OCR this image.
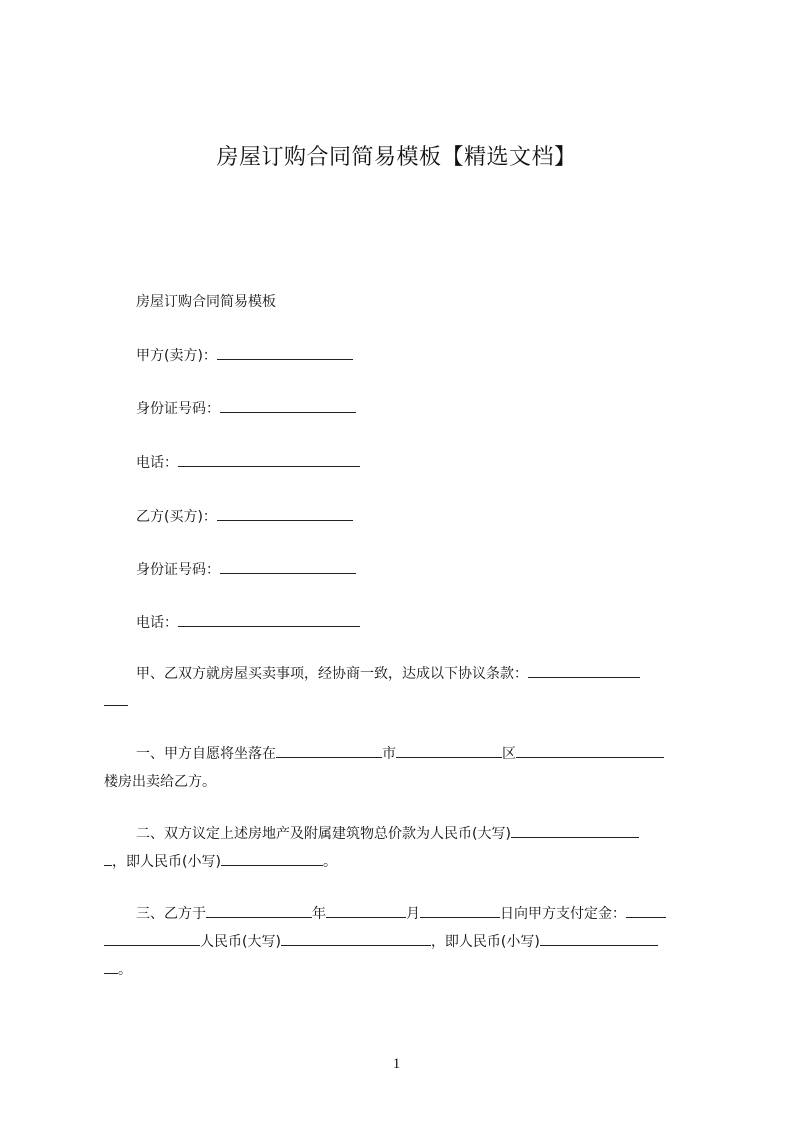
房屋订购合同简易模板【精选文档】
房屋订购合同简易模板
甲方(卖方)：
身份证号码：
电话：
乙方(买方)：
身份证号码：
电话：
甲、乙双方就房屋买卖事项，经协商一致，达成以下协议条款：
一、甲方自愿将坐落在	市	区
楼房出卖给乙方。
二、双方议定上述房地产及附属建筑物总价款为人民币(大写)
，即人民币(小写)	。
三、乙方于	年	月	日向甲方支付定金：
人民币(大写)	，即人民币(小写)
。
1
